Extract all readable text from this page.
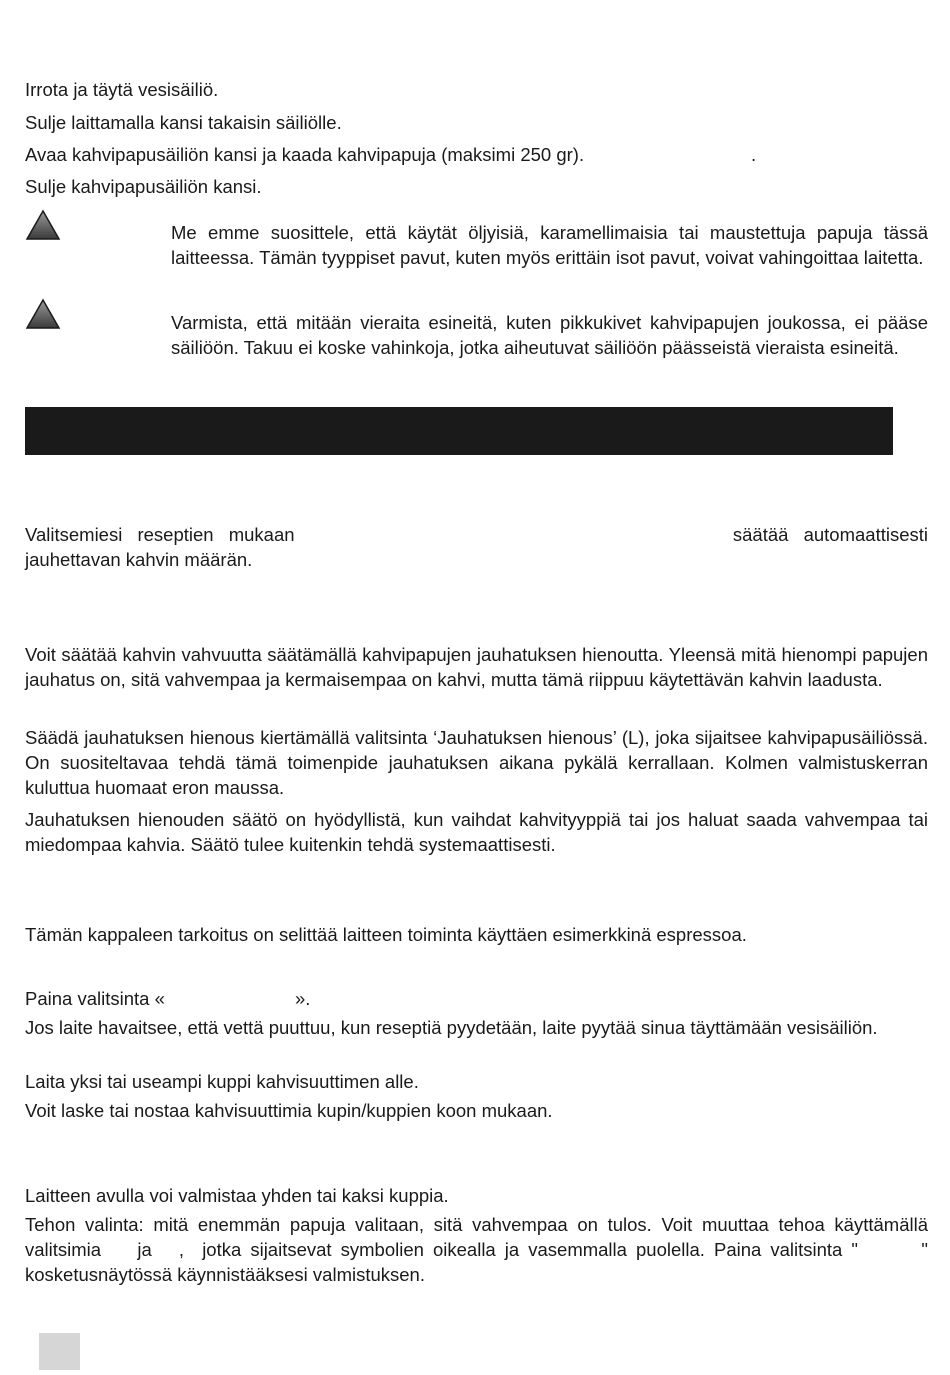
Irrota ja täytä vesisäiliö.
Sulje laittamalla kansi takaisin säiliölle.
Avaa kahvipapusäiliön kansi ja kaada kahvipapuja (maksimi 250 gr).	.
Sulje kahvipapusäiliön kansi.
Me emme suosittele, että käytät öljyisiä, karamellimaisia tai maustettuja papuja tässä laitteessa. Tämän tyyppiset pavut, kuten myös erittäin isot pavut, voivat vahingoittaa laitetta.
Varmista, että mitään vieraita esineitä, kuten pikkukivet kahvipapujen joukossa, ei pääse säiliöön. Takuu ei koske vahinkoja, jotka aiheutuvat säiliöön päässeistä vieraista esineitä.
Valitsemiesi reseptien mukaan	säätää automaattisesti
jauhettavan kahvin määrän.
Voit säätää kahvin vahvuutta säätämällä kahvipapujen jauhatuksen hienoutta. Yleensä mitä hienompi papujen jauhatus on, sitä vahvempaa ja kermaisempaa on kahvi, mutta tämä riippuu käytettävän kahvin laadusta.
Säädä jauhatuksen hienous kiertämällä valitsinta ‘Jauhatuksen hienous’ (L), joka sijaitsee kahvipapusäiliössä. On suositeltavaa tehdä tämä toimenpide jauhatuksen aikana pykälä kerrallaan. Kolmen valmistuskerran kuluttua huomaat eron maussa.
Jauhatuksen hienouden säätö on hyödyllistä, kun vaihdat kahvityyppiä tai jos haluat saada vahvempaa tai miedompaa kahvia. Säätö tulee kuitenkin tehdä systemaattisesti.
Tämän kappaleen tarkoitus on selittää laitteen toiminta käyttäen esimerkkinä espressoa.
Paina valitsinta «	».
Jos laite havaitsee, että vettä puuttuu, kun reseptiä pyydetään, laite pyytää sinua täyttämään vesisäiliön.
Laita yksi tai useampi kuppi kahvisuuttimen alle.
Voit laske tai nostaa kahvisuuttimia kupin/kuppien koon mukaan.
Laitteen avulla voi valmistaa yhden tai kaksi kuppia.
Tehon valinta: mitä enemmän papuja valitaan, sitä vahvempaa on tulos. Voit muuttaa tehoa käyttämällä valitsimia    ja   ,  jotka sijaitsevat symbolien oikealla ja vasemmalla puolella. Paina valitsinta "       " kosketusnäytössä käynnistääksesi valmistuksen.
